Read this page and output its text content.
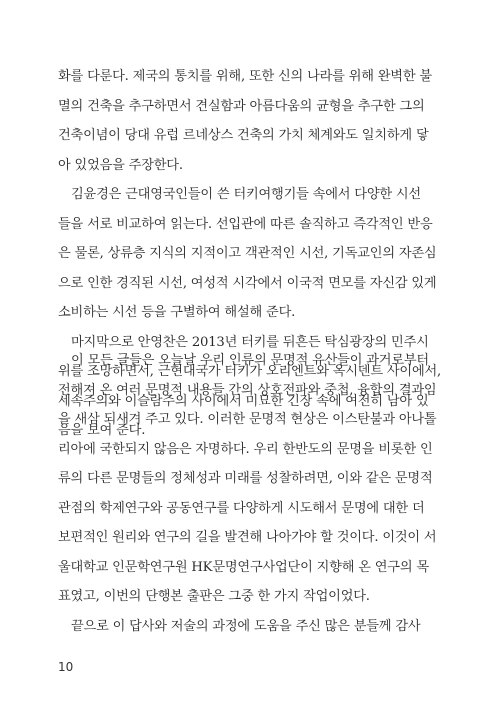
화를 다룬다. 제국의 통치를 위해, 또한 신의 나라를 위해 완벽한 불
멸의 건축을 추구하면서 견실함과 아름다움의 균형을 추구한 그의
건축이념이 당대 유럽 르네상스 건축의 가치 체계와도 일치하게 닿
아 있었음을 주장한다.
김윤경은 근대영국인들이 쓴 터키여행기들 속에서 다양한 시선
들을 서로 비교하여 읽는다. 선입관에 따른 솔직하고 즉각적인 반응
은 물론, 상류층 지식의 지적이고 객관적인 시선, 기독교인의 자존심
으로 인한 경직된 시선, 여성적 시각에서 이국적 면모를 자신감 있게
소비하는 시선 등을 구별하여 해설해 준다.
마지막으로 안영찬은 2013년 터키를 뒤흔든 탁심광장의 민주시
위를 조망하면서, 근현대국가 터키가 오리엔트와 옥시덴트 사이에서,
세속주의와 이슬람주의 사이에서 미묘한 긴장 속에 여전히 남아 있
음을 보여 준다.
이 모든 글들은 오늘날 우리 인류의 문명적 유산들이 과거로부터
전해져 온 여러 문명적 내용들 간의 상호전파와 중첩, 융합의 결과임
을 새삼 되새겨 주고 있다. 이러한 문명적 현상은 이스탄불과 아나톨
리아에 국한되지 않음은 자명하다. 우리 한반도의 문명을 비롯한 인
류의 다른 문명들의 정체성과 미래를 성찰하려면, 이와 같은 문명적
관점의 학제연구와 공동연구를 다양하게 시도해서 문명에 대한 더
보편적인 원리와 연구의 길을 발견해 나아가야 할 것이다. 이것이 서
울대학교 인문학연구원 HK문명연구사업단이 지향해 온 연구의 목
표였고, 이번의 단행본 출판은 그중 한 가지 작업이었다.
끝으로 이 답사와 저술의 과정에 도움을 주신 많은 분들께 감사
10
